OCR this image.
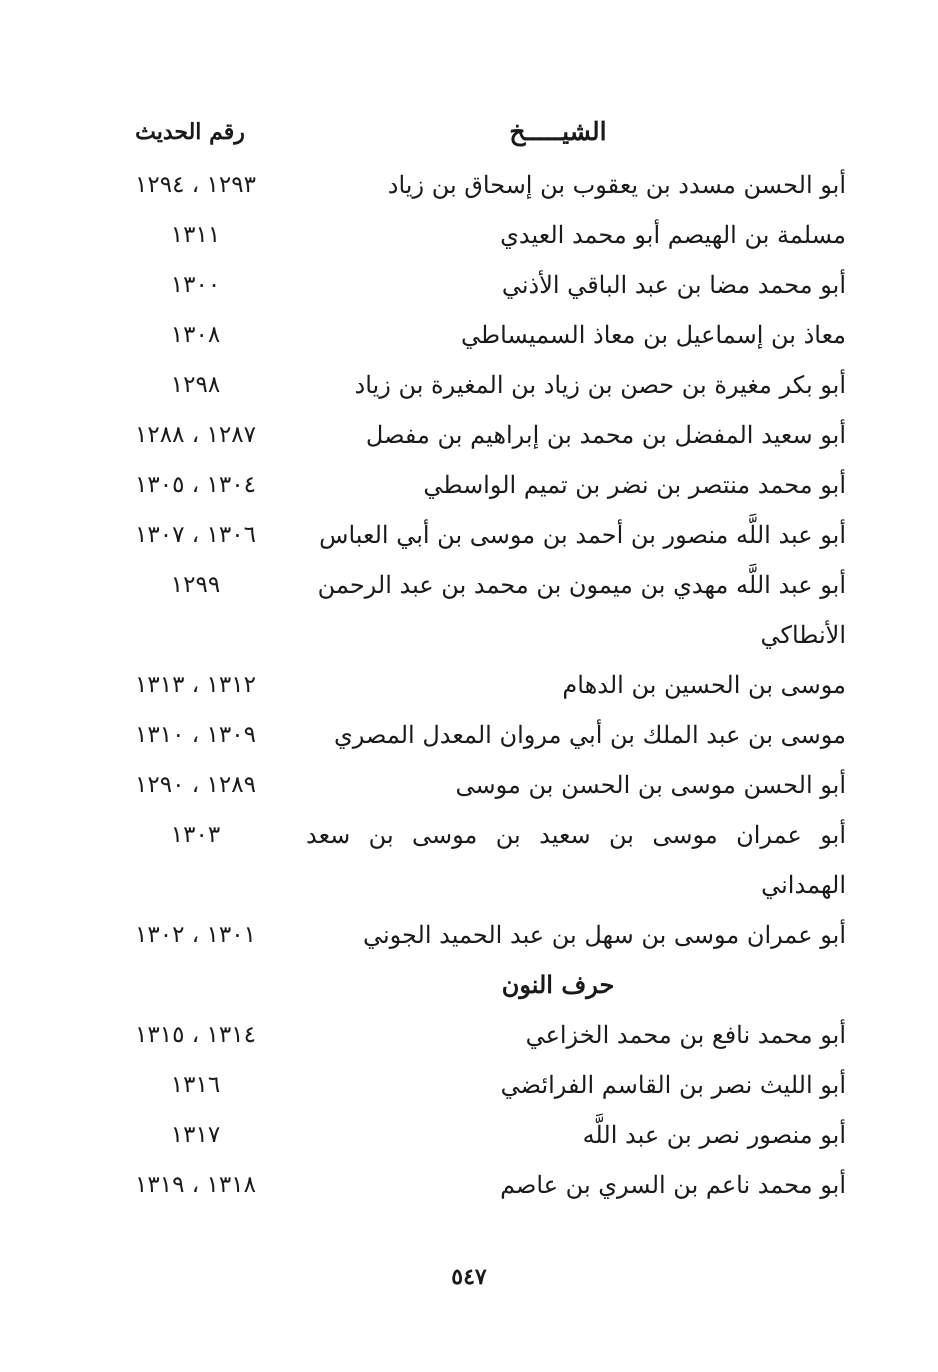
الشيـــــخ
رقم الحديث
أبو الحسن مسدد بن يعقوب بن إسحاق بن زياد
١٢٩٣ ، ١٢٩٤
مسلمة بن الهيصم أبو محمد العيدي
١٣١١
أبو محمد مضا بن عبد الباقي الأذني
١٣٠٠
معاذ بن إسماعيل بن معاذ السميساطي
١٣٠٨
أبو بكر مغيرة بن حصن بن زياد بن المغيرة بن زياد
١٢٩٨
أبو سعيد المفضل بن محمد بن إبراهيم بن مفصل
١٢٨٧ ، ١٢٨٨
أبو محمد منتصر بن نضر بن تميم الواسطي
١٣٠٤ ، ١٣٠٥
أبو عبد اللَّه منصور بن أحمد بن موسى بن أبي العباس
١٣٠٦ ، ١٣٠٧
أبو عبد اللَّه مهدي بن ميمون بن محمد بن عبد الرحمن
١٢٩٩
الأنطاكي
موسى بن الحسين بن الدهام
١٣١٢ ، ١٣١٣
موسى بن عبد الملك بن أبي مروان المعدل المصري
١٣٠٩ ، ١٣١٠
أبو الحسن موسى بن الحسن بن موسى
١٢٨٩ ، ١٢٩٠
أبو عمران موسى بن سعيد بن موسى بن سعد
١٣٠٣
الهمداني
أبو عمران موسى بن سهل بن عبد الحميد الجوني
١٣٠١ ، ١٣٠٢
حرف النون
أبو محمد نافع بن محمد الخزاعي
١٣١٤ ، ١٣١٥
أبو الليث نصر بن القاسم الفرائضي
١٣١٦
أبو منصور نصر بن عبد اللَّه
١٣١٧
أبو محمد ناعم بن السري بن عاصم
١٣١٨ ، ١٣١٩
٥٤٧
